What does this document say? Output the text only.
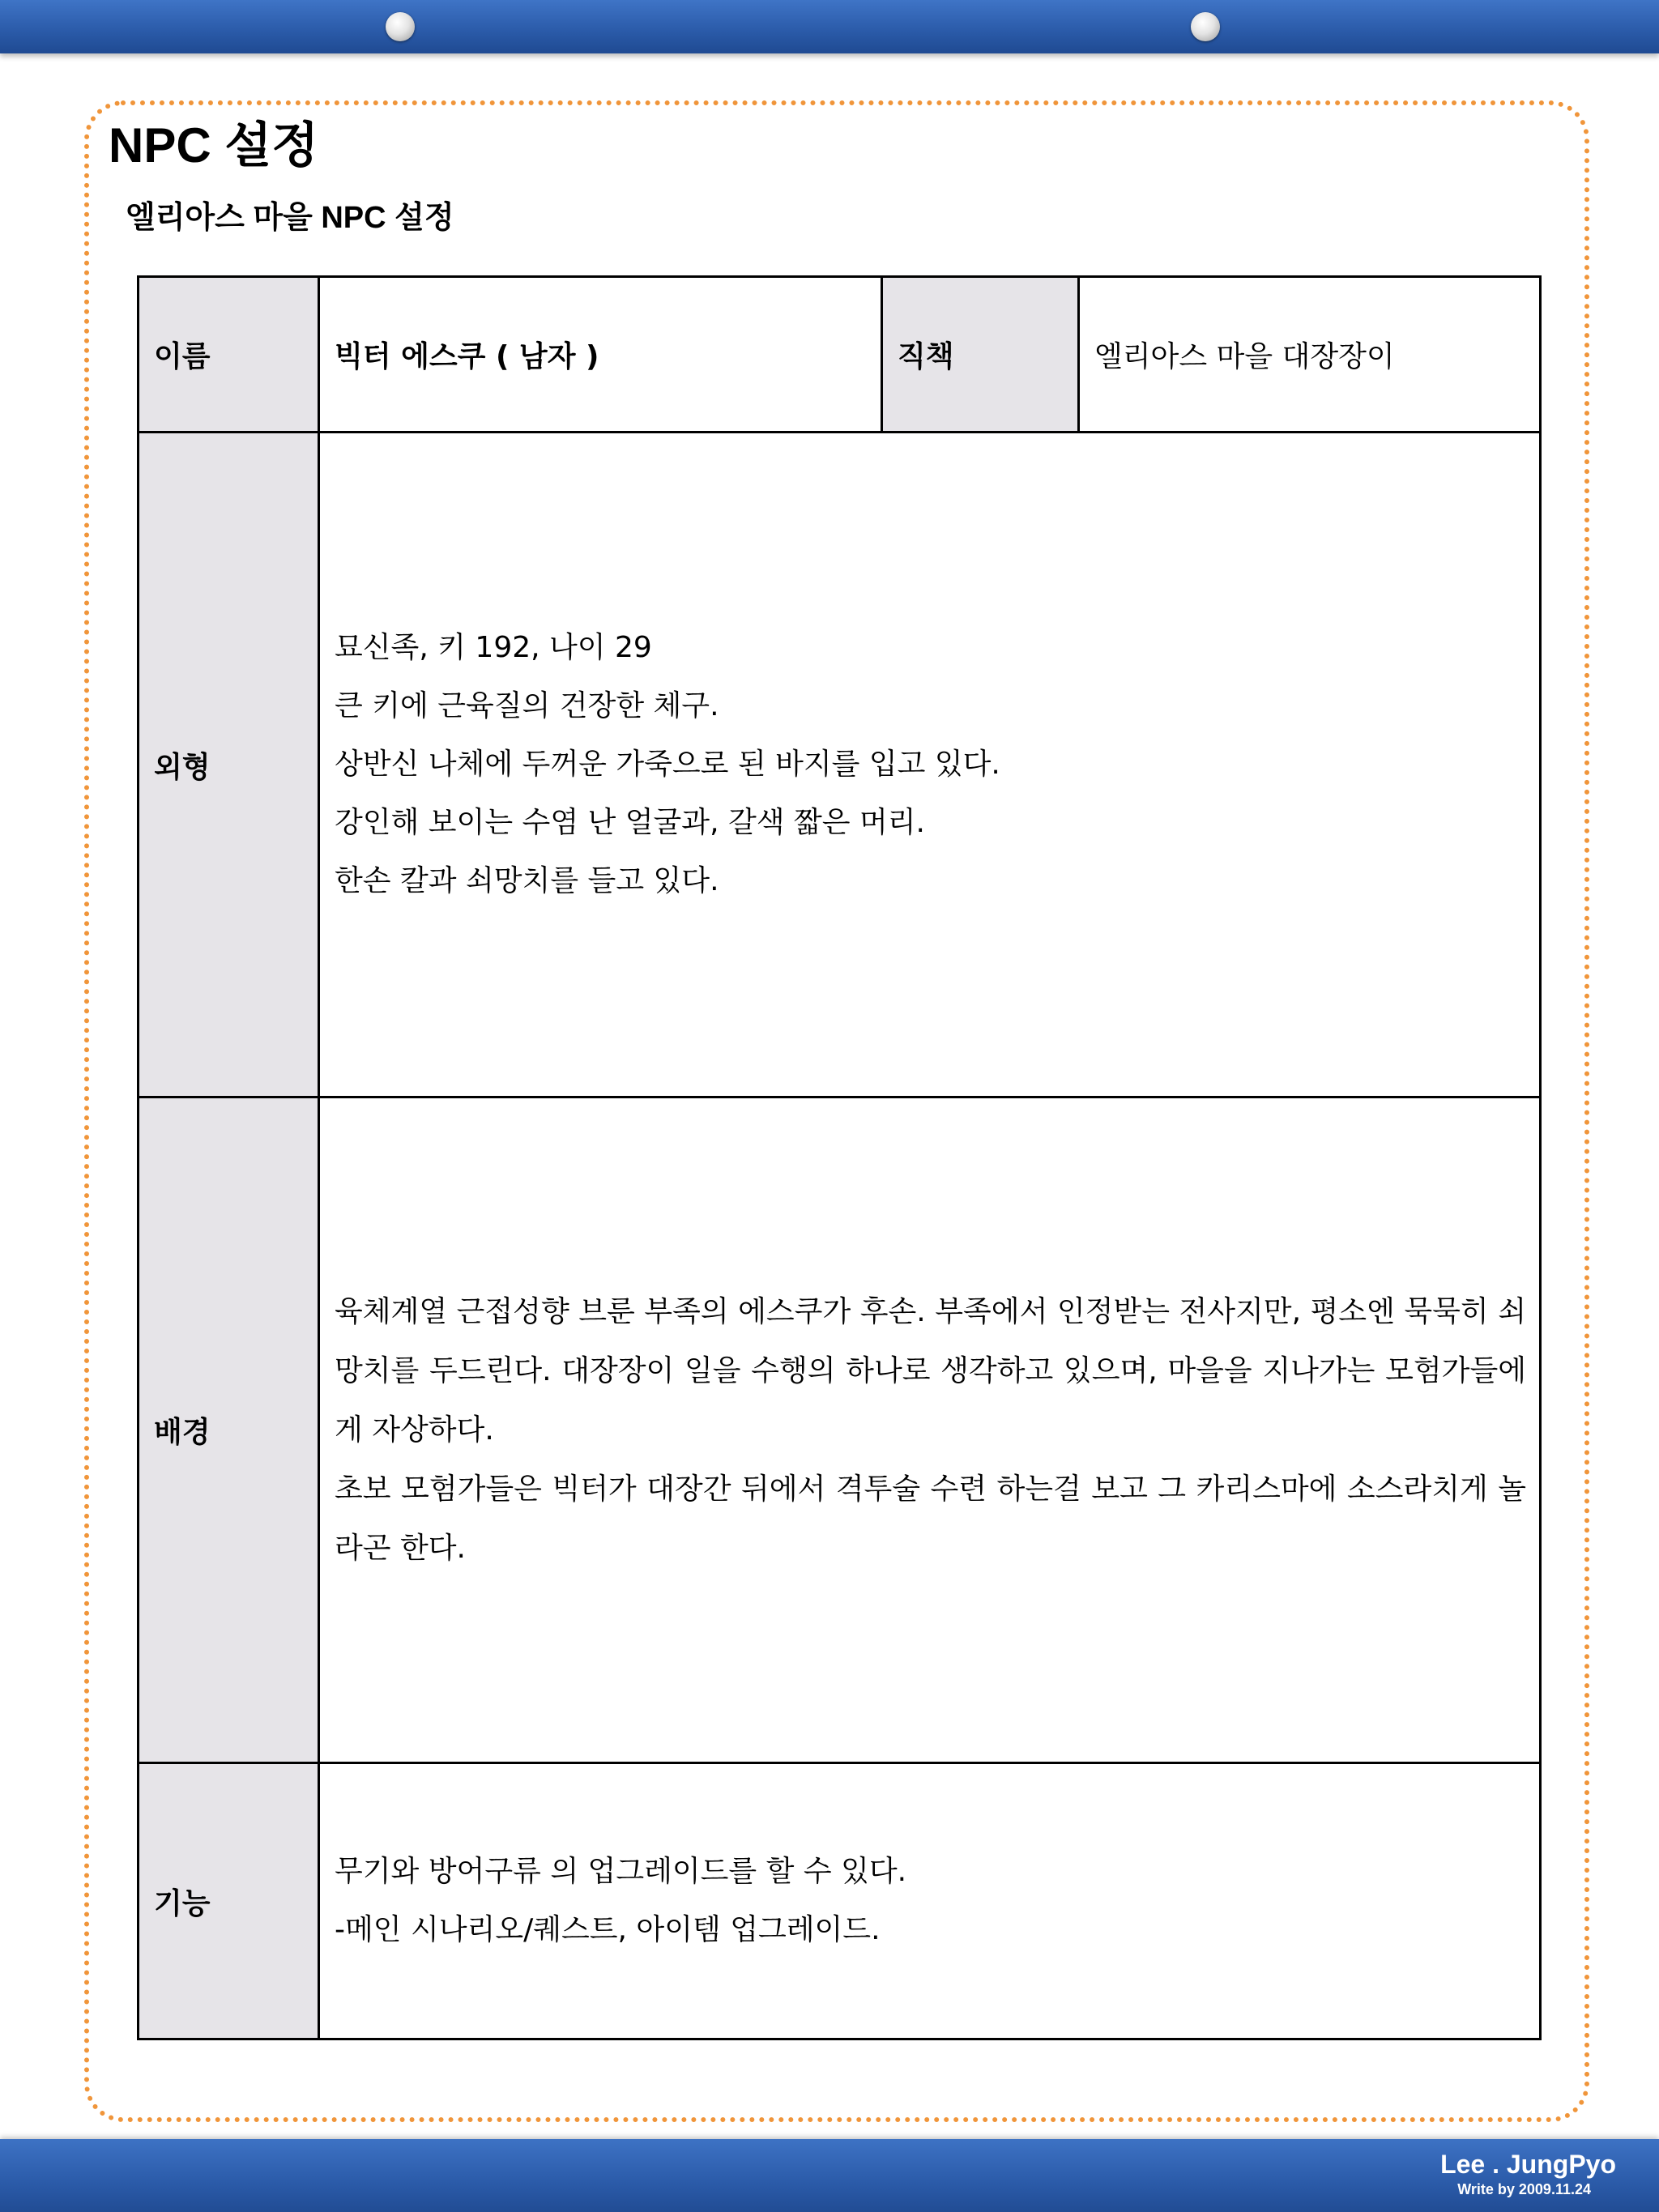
NPC 설정
엘리아스 마을 NPC 설정
이름	빅터 에스쿠 ( 남자 )	직책	엘리아스 마을 대장장이
외형	묘신족, 키 192, 나이 29
큰 키에 근육질의 건장한 체구.
상반신 나체에 두꺼운 가죽으로 된 바지를 입고 있다.
강인해 보이는 수염 난 얼굴과, 갈색 짧은 머리.
한손 칼과 쇠망치를 들고 있다.		

배경	육체계열 근접성향 브룬 부족의 에스쿠가 후손. 부족에서 인정받는 전사지만, 평소엔 묵묵히 쇠망치를 두드린다. 대장장이 일을 수행의 하나로 생각하고 있으며, 마을을 지나가는 모험가들에게 자상하다.

초보 모험가들은 빅터가 대장간 뒤에서 격투술 수련 하는걸 보고 그 카리스마에 소스라치게 놀라곤 한다.		

기능	무기와 방어구류 의 업그레이드를 할 수 있다.
-메인 시나리오/퀘스트, 아이템 업그레이드.		
Lee . JungPyo
Write by 2009.11.24
